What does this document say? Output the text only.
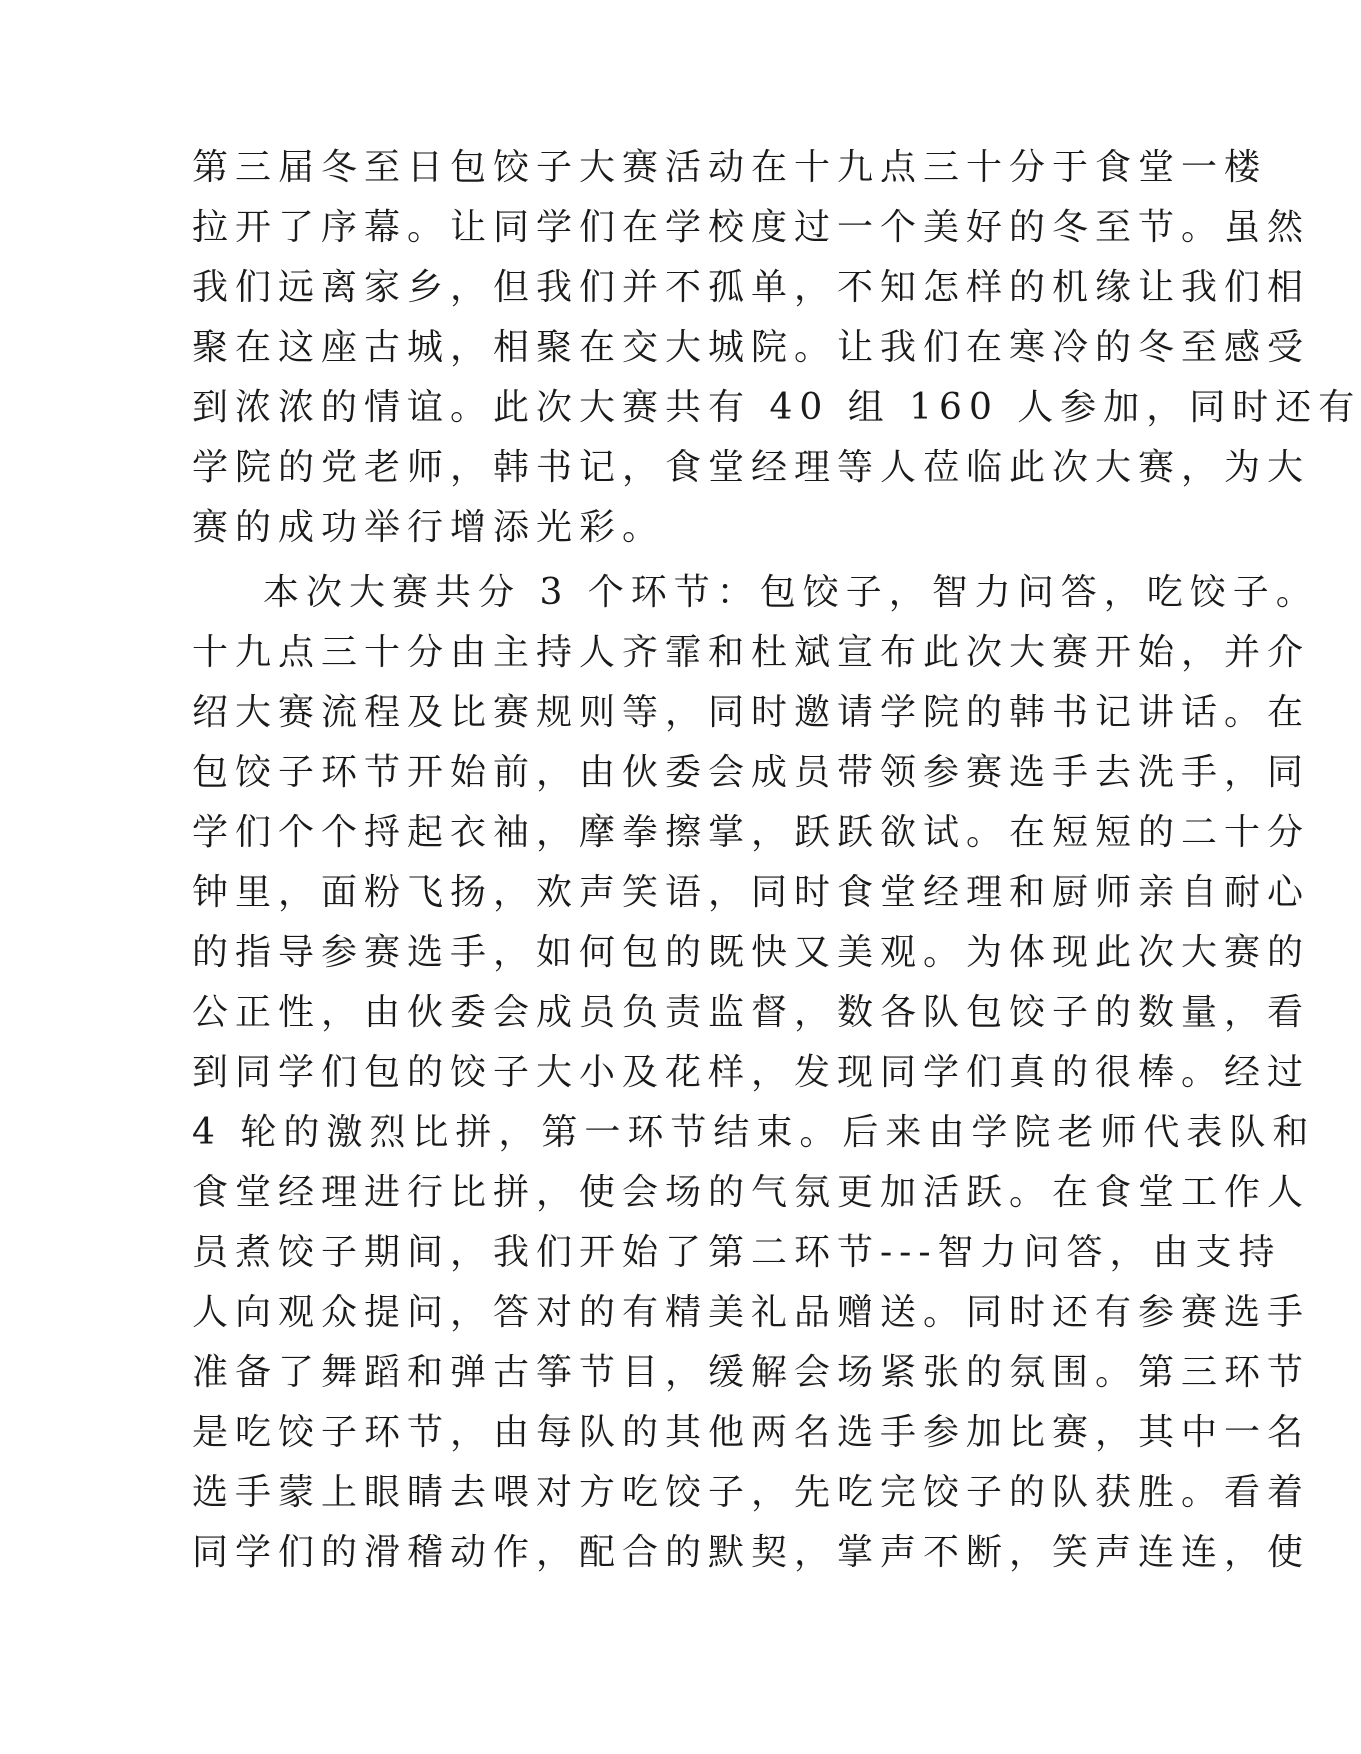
第三届冬至日包饺子大赛活动在十九点三十分于食堂一楼
拉开了序幕。让同学们在学校度过一个美好的冬至节。虽然
我们远离家乡，但我们并不孤单，不知怎样的机缘让我们相
聚在这座古城，相聚在交大城院。让我们在寒冷的冬至感受
到浓浓的情谊。此次大赛共有 40 组 160 人参加，同时还有
学院的党老师，韩书记，食堂经理等人莅临此次大赛，为大
赛的成功举行增添光彩。
本次大赛共分 3 个环节：包饺子，智力问答，吃饺子。
十九点三十分由主持人齐霏和杜斌宣布此次大赛开始，并介
绍大赛流程及比赛规则等，同时邀请学院的韩书记讲话。在
包饺子环节开始前，由伙委会成员带领参赛选手去洗手，同
学们个个捋起衣袖，摩拳擦掌，跃跃欲试。在短短的二十分
钟里，面粉飞扬，欢声笑语，同时食堂经理和厨师亲自耐心
的指导参赛选手，如何包的既快又美观。为体现此次大赛的
公正性，由伙委会成员负责监督，数各队包饺子的数量，看
到同学们包的饺子大小及花样，发现同学们真的很棒。经过
4 轮的激烈比拼，第一环节结束。后来由学院老师代表队和
食堂经理进行比拼，使会场的气氛更加活跃。在食堂工作人
员煮饺子期间，我们开始了第二环节---智力问答，由支持
人向观众提问，答对的有精美礼品赠送。同时还有参赛选手
准备了舞蹈和弹古筝节目，缓解会场紧张的氛围。第三环节
是吃饺子环节，由每队的其他两名选手参加比赛，其中一名
选手蒙上眼睛去喂对方吃饺子，先吃完饺子的队获胜。看着
同学们的滑稽动作，配合的默契，掌声不断，笑声连连，使
